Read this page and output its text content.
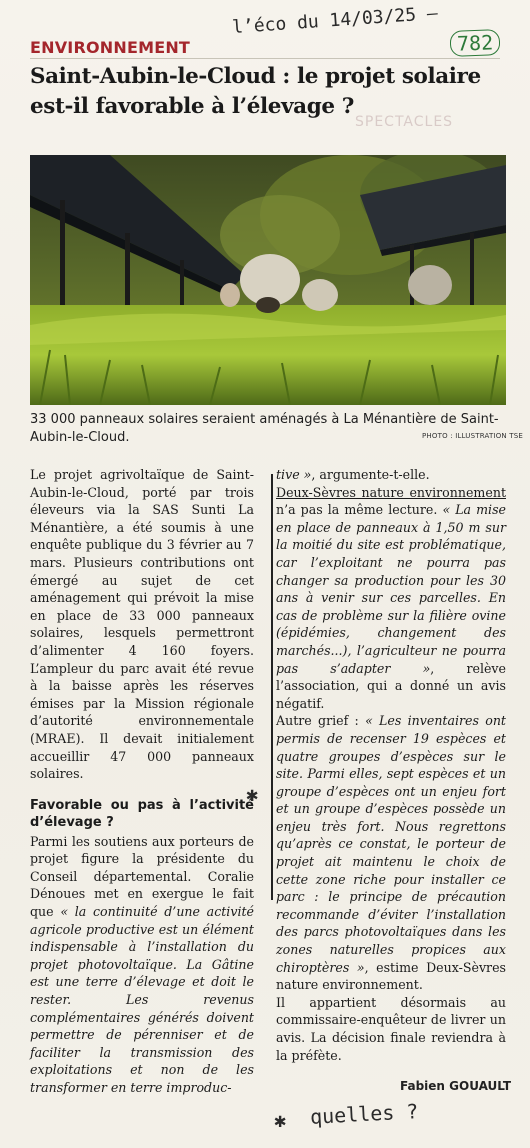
SPECTACLES
ENVIRONNEMENT
l’éco du 14/03/25 –
782
Saint-Aubin-le-Cloud : le projet solaire est-il favorable à l’élevage ?
33 000 panneaux solaires seraient aménagés à La Ménantière de Saint-Aubin-le-Cloud.	PHOTO : ILLUSTRATION TSE

Le projet agrivoltaïque de Saint-Aubin-le-Cloud, porté par trois éleveurs via la SAS Sunti La Ménantière, a été soumis à une enquête publique du 3 février au 7 mars. Plusieurs contributions ont émergé au sujet de cet aménagement qui prévoit la mise en place de 33 000 panneaux solaires, lesquels permettront d’alimenter 4 160 foyers. L’ampleur du parc avait été revue à la baisse après les réserves émises par la Mission régionale d’autorité environnementale (MRAE). Il devait initialement accueillir 47 000 panneaux solaires.

Favorable ou pas à l’activité d’élevage ?

Parmi les soutiens aux porteurs de projet figure la présidente du Conseil départemental. Coralie Dénoues met en exergue le fait que « la continuité d’une activité agricole productive est un élément indispensable à l’installation du projet photovoltaïque. La Gâtine est une terre d’élevage et doit le rester. Les revenus complémentaires générés doivent permettre de pérenniser et de faciliter la transmission des exploitations et non de les transformer en terre improduc-

✱

tive », argumente-t-elle.

Deux-Sèvres nature environnement n’a pas la même lecture. « La mise en place de panneaux à 1,50 m sur la moitié du site est problématique, car l’exploitant ne pourra pas changer sa production pour les 30 ans à venir sur ces parcelles. En cas de problème sur la filière ovine (épidémies, changement des marchés...), l’agriculteur ne pourra pas s’adapter », relève l’association, qui a donné un avis négatif.

Autre grief : « Les inventaires ont permis de recenser 19 espèces et quatre groupes d’espèces sur le site. Parmi elles, sept espèces et un groupe d’espèces ont un enjeu fort et un groupe d’espèces possède un enjeu très fort. Nous regrettons qu’après ce constat, le porteur de projet ait maintenu le choix de cette zone riche pour installer ce parc : le principe de précaution recommande d’éviter l’installation des parcs photovoltaïques dans les zones naturelles propices aux chiroptères », estime Deux-Sèvres nature environnement.

Il appartient désormais au commissaire-enquêteur de livrer un avis. La décision finale reviendra à la préfète.

Fabien GOUAULT
✱ quelles ?
